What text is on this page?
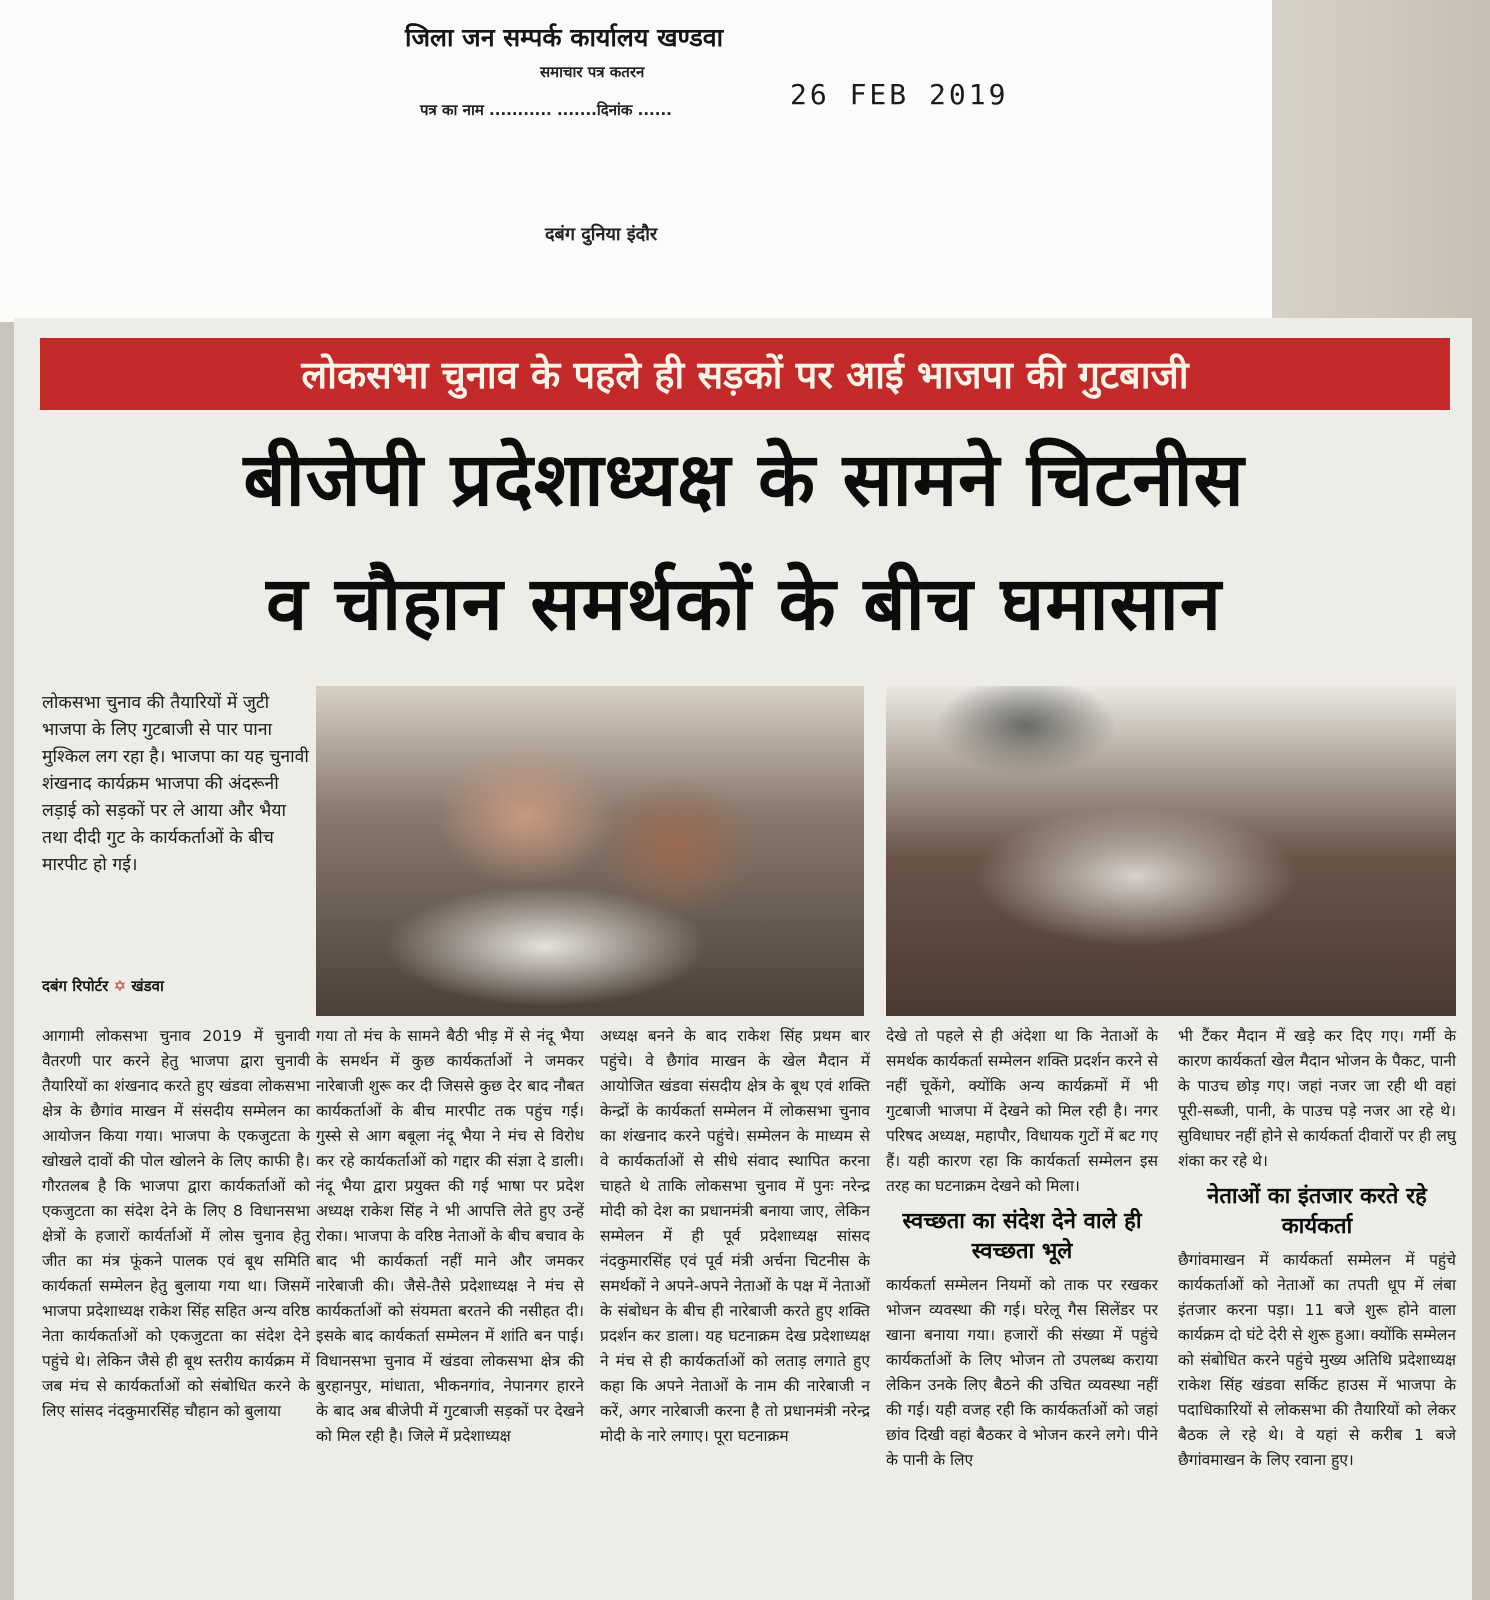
जिला जन सम्पर्क कार्यालय खण्डवा
समाचार पत्र कतरन
पत्र का नाम ........... .......दिनांक ......	26 FEB 2019
दबंग दुनिया इंदौर
लोकसभा चुनाव के पहले ही सड़कों पर आई भाजपा की गुटबाजी
बीजेपी प्रदेशाध्यक्ष के सामने चिटनीस
व चौहान समर्थकों के बीच घमासान
लोकसभा चुनाव की तैयारियों में जुटी भाजपा के लिए गुटबाजी से पार पाना मुश्किल लग रहा है। भाजपा का यह चुनावी शंखनाद कार्यक्रम भाजपा की अंदरूनी लड़ाई को सड़कों पर ले आया और भैया तथा दीदी गुट के कार्यकर्ताओं के बीच मारपीट हो गई।
दबंग रिपोर्टर ✡ खंडवा
आगामी लोकसभा चुनाव 2019 में चुनावी वैतरणी पार करने हेतु भाजपा द्वारा चुनावी तैयारियों का शंखनाद करते हुए खंडवा लोकसभा क्षेत्र के छैगांव माखन में संसदीय सम्मेलन का आयोजन किया गया। भाजपा के एकजुटता के खोखले दावों की पोल खोलने के लिए काफी है। गौरतलब है कि भाजपा द्वारा कार्यकर्ताओं को एकजुटता का संदेश देने के लिए 8 विधानसभा क्षेत्रों के हजारों कार्यर्ताओं में लोस चुनाव हेतु जीत का मंत्र फूंकने पालक एवं बूथ समिति कार्यकर्ता सम्मेलन हेतु बुलाया गया था। जिसमें भाजपा प्रदेशाध्यक्ष राकेश सिंह सहित अन्य वरिष्ठ नेता कार्यकर्ताओं को एकजुटता का संदेश देने पहुंचे थे। लेकिन जैसे ही बूथ स्तरीय कार्यक्रम में जब मंच से कार्यकर्ताओं को संबोधित करने के लिए सांसद नंदकुमारसिंह चौहान को बुलाया
गया तो मंच के सामने बैठी भीड़ में से नंदू भैया के समर्थन में कुछ कार्यकर्ताओं ने जमकर नारेबाजी शुरू कर दी जिससे कुछ देर बाद नौबत कार्यकर्ताओं के बीच मारपीट तक पहुंच गई। गुस्से से आग बबूला नंदू भैया ने मंच से विरोध कर रहे कार्यकर्ताओं को गद्दार की संज्ञा दे डाली। नंदू भैया द्वारा प्रयुक्त की गई भाषा पर प्रदेश अध्यक्ष राकेश सिंह ने भी आपत्ति लेते हुए उन्हें रोका। भाजपा के वरिष्ठ नेताओं के बीच बचाव के बाद भी कार्यकर्ता नहीं माने और जमकर नारेबाजी की। जैसे-तैसे प्रदेशाध्यक्ष ने मंच से कार्यकर्ताओं को संयमता बरतने की नसीहत दी। इसके बाद कार्यकर्ता सम्मेलन में शांति बन पाई। विधानसभा चुनाव में खंडवा लोकसभा क्षेत्र की बुरहानपुर, मांधाता, भीकनगांव, नेपानगर हारने के बाद अब बीजेपी में गुटबाजी सड़कों पर देखने को मिल रही है। जिले में प्रदेशाध्यक्ष
अध्यक्ष बनने के बाद राकेश सिंह प्रथम बार पहुंचे। वे छैगांव माखन के खेल मैदान में आयोजित खंडवा संसदीय क्षेत्र के बूथ एवं शक्ति केन्द्रों के कार्यकर्ता सम्मेलन में लोकसभा चुनाव का शंखनाद करने पहुंचे। सम्मेलन के माध्यम से वे कार्यकर्ताओं से सीधे संवाद स्थापित करना चाहते थे ताकि लोकसभा चुनाव में पुनः नरेन्द्र मोदी को देश का प्रधानमंत्री बनाया जाए, लेकिन सम्मेलन में ही पूर्व प्रदेशाध्यक्ष सांसद नंदकुमारसिंह एवं पूर्व मंत्री अर्चना चिटनीस के समर्थकों ने अपने-अपने नेताओं के पक्ष में नेताओं के संबोधन के बीच ही नारेबाजी करते हुए शक्ति प्रदर्शन कर डाला। यह घटनाक्रम देख प्रदेशाध्यक्ष ने मंच से ही कार्यकर्ताओं को लताड़ लगाते हुए कहा कि अपने नेताओं के नाम की नारेबाजी न करें, अगर नारेबाजी करना है तो प्रधानमंत्री नरेन्द्र मोदी के नारे लगाए। पूरा घटनाक्रम
देखे तो पहले से ही अंदेशा था कि नेताओं के समर्थक कार्यकर्ता सम्मेलन शक्ति प्रदर्शन करने से नहीं चूकेंगे, क्योंकि अन्य कार्यक्रमों में भी गुटबाजी भाजपा में देखने को मिल रही है। नगर परिषद अध्यक्ष, महापौर, विधायक गुटों में बट गए हैं। यही कारण रहा कि कार्यकर्ता सम्मेलन इस तरह का घटनाक्रम देखने को मिला।
स्वच्छता का संदेश देने वाले ही स्वच्छता भूले
कार्यकर्ता सम्मेलन नियमों को ताक पर रखकर भोजन व्यवस्था की गई। घरेलू गैस सिलेंडर पर खाना बनाया गया। हजारों की संख्या में पहुंचे कार्यकर्ताओं के लिए भोजन तो उपलब्ध कराया लेकिन उनके लिए बैठने की उचित व्यवस्था नहीं की गई। यही वजह रही कि कार्यकर्ताओं को जहां छांव दिखी वहां बैठकर वे भोजन करने लगे। पीने के पानी के लिए
भी टैंकर मैदान में खड़े कर दिए गए। गर्मी के कारण कार्यकर्ता खेल मैदान भोजन के पैकट, पानी के पाउच छोड़ गए। जहां नजर जा रही थी वहां पूरी-सब्जी, पानी, के पाउच पड़े नजर आ रहे थे। सुविधाघर नहीं होने से कार्यकर्ता दीवारों पर ही लघु शंका कर रहे थे।
नेताओं का इंतजार करते रहे कार्यकर्ता
छैगांवमाखन में कार्यकर्ता सम्मेलन में पहुंचे कार्यकर्ताओं को नेताओं का तपती धूप में लंबा इंतजार करना पड़ा। 11 बजे शुरू होने वाला कार्यक्रम दो घंटे देरी से शुरू हुआ। क्योंकि सम्मेलन को संबोधित करने पहुंचे मुख्य अतिथि प्रदेशाध्यक्ष राकेश सिंह खंडवा सर्किट हाउस में भाजपा के पदाधिकारियों से लोकसभा की तैयारियों को लेकर बैठक ले रहे थे। वे यहां से करीब 1 बजे छैगांवमाखन के लिए रवाना हुए।
